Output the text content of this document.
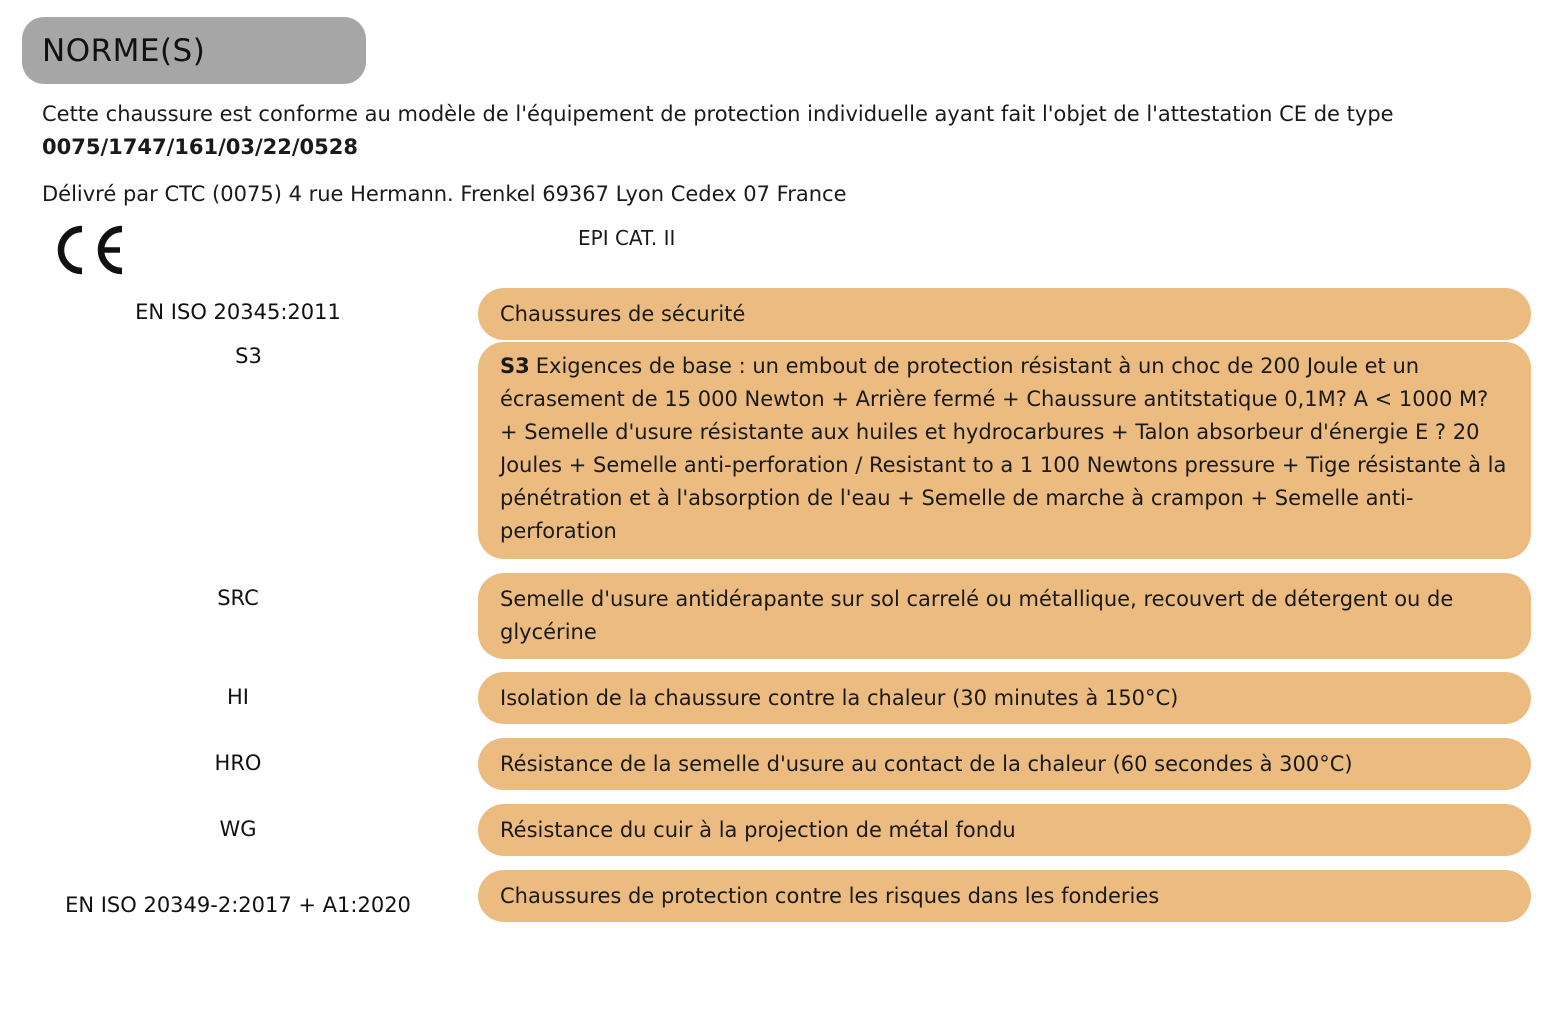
NORME(S)
Cette chaussure est conforme au modèle de l'équipement de protection individuelle ayant fait l'objet de l'attestation CE de type 0075/1747/161/03/22/0528
Délivré par CTC (0075) 4 rue Hermann. Frenkel 69367 Lyon Cedex 07 France
EPI CAT. II
EN ISO 20345:2011	Chaussures de sécurité
S3	S3 Exigences de base : un embout de protection résistant à un choc de 200 Joule et un écrasement de 15 000 Newton + Arrière fermé + Chaussure antitstatique 0,1M? A < 1000 M? + Semelle d'usure résistante aux huiles et hydrocarbures + Talon absorbeur d'énergie E ? 20 Joules + Semelle anti-perforation / Resistant to a 1 100 Newtons pressure + Tige résistante à la pénétration et à l'absorption de l'eau + Semelle de marche à crampon + Semelle anti-perforation
SRC	Semelle d'usure antidérapante sur sol carrelé ou métallique, recouvert de détergent ou de glycérine
HI	Isolation de la chaussure contre la chaleur (30 minutes à 150°C)
HRO	Résistance de la semelle d'usure au contact de la chaleur (60 secondes à 300°C)
WG	Résistance du cuir à la projection de métal fondu
EN ISO 20349-2:2017 + A1:2020	Chaussures de protection contre les risques dans les fonderies
